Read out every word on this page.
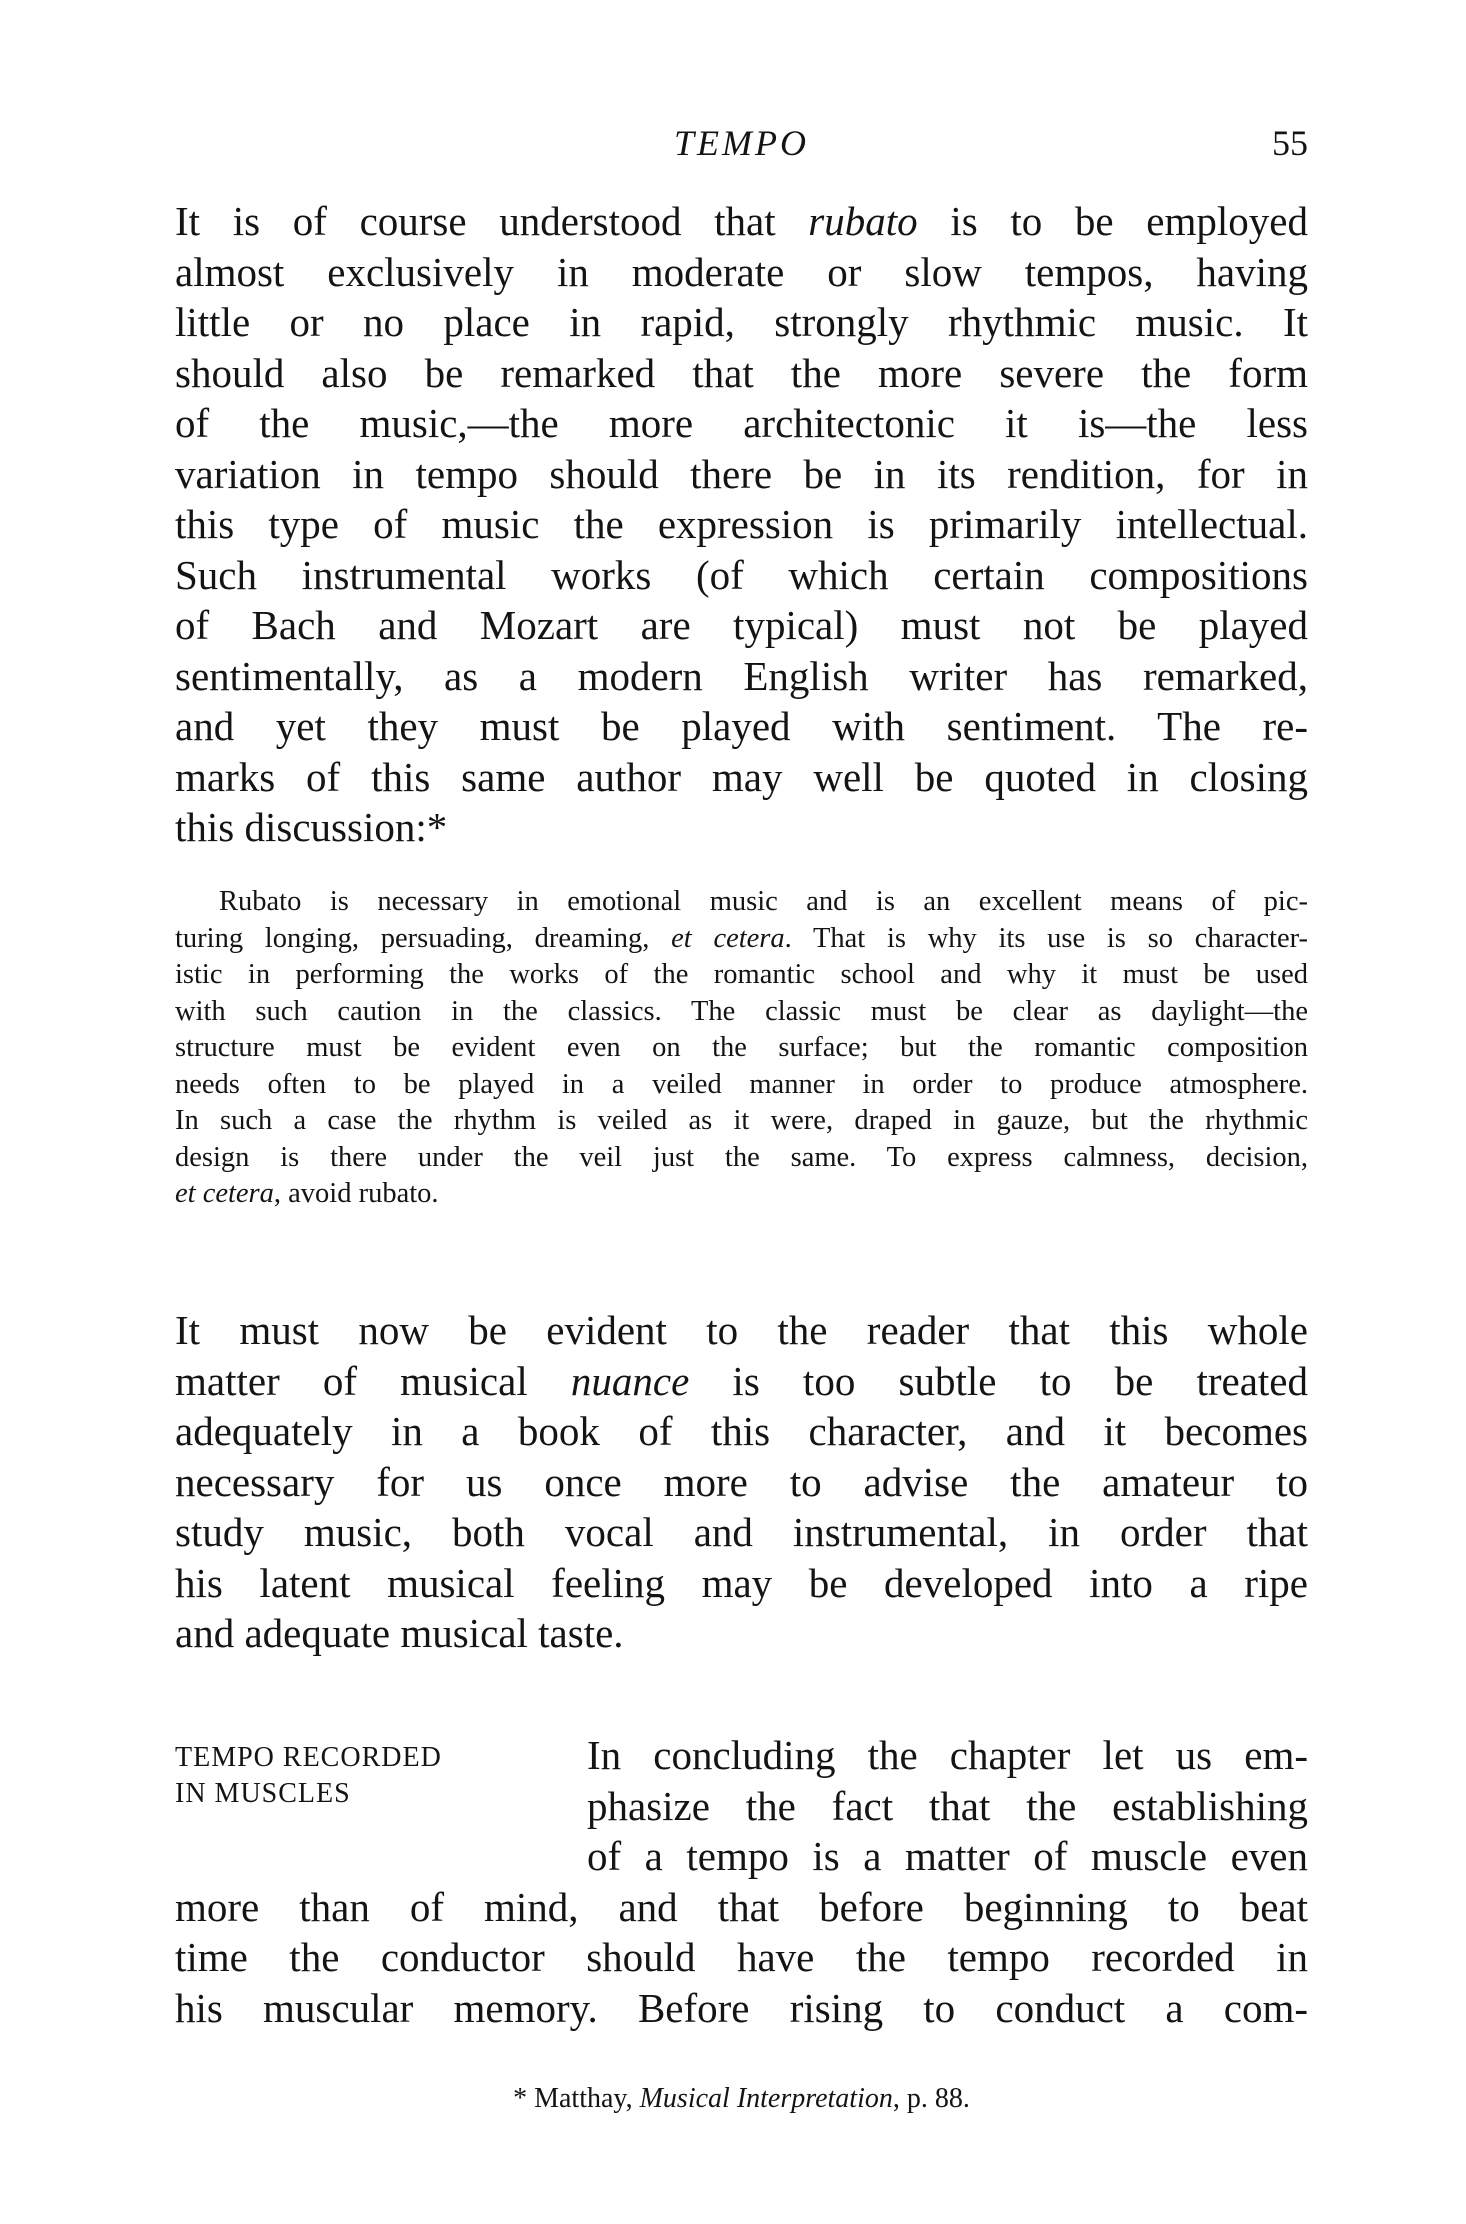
TEMPO	55
It is of course understood that rubato is to be employed
almost exclusively in moderate or slow tempos, having
little or no place in rapid, strongly rhythmic music. It
should also be remarked that the more severe the form
of the music,—the more architectonic it is—the less
variation in tempo should there be in its rendition, for in
this type of music the expression is primarily intellectual.
Such instrumental works (of which certain compositions
of Bach and Mozart are typical) must not be played
sentimentally, as a modern English writer has remarked,
and yet they must be played with sentiment. The re-
marks of this same author may well be quoted in closing
this discussion:*
Rubato is necessary in emotional music and is an excellent means of pic-
turing longing, persuading, dreaming, et cetera. That is why its use is so character-
istic in performing the works of the romantic school and why it must be used
with such caution in the classics. The classic must be clear as daylight—the
structure must be evident even on the surface; but the romantic composition
needs often to be played in a veiled manner in order to produce atmosphere.
In such a case the rhythm is veiled as it were, draped in gauze, but the rhythmic
design is there under the veil just the same. To express calmness, decision,
et cetera, avoid rubato.
It must now be evident to the reader that this whole
matter of musical nuance is too subtle to be treated
adequately in a book of this character, and it becomes
necessary for us once more to advise the amateur to
study music, both vocal and instrumental, in order that
his latent musical feeling may be developed into a ripe
and adequate musical taste.
TEMPO RECORDED
IN MUSCLES
In concluding the chapter let us em-
phasize the fact that the establishing
of a tempo is a matter of muscle even
more than of mind, and that before beginning to beat
time the conductor should have the tempo recorded in
his muscular memory. Before rising to conduct a com-
* Matthay, Musical Interpretation, p. 88.
